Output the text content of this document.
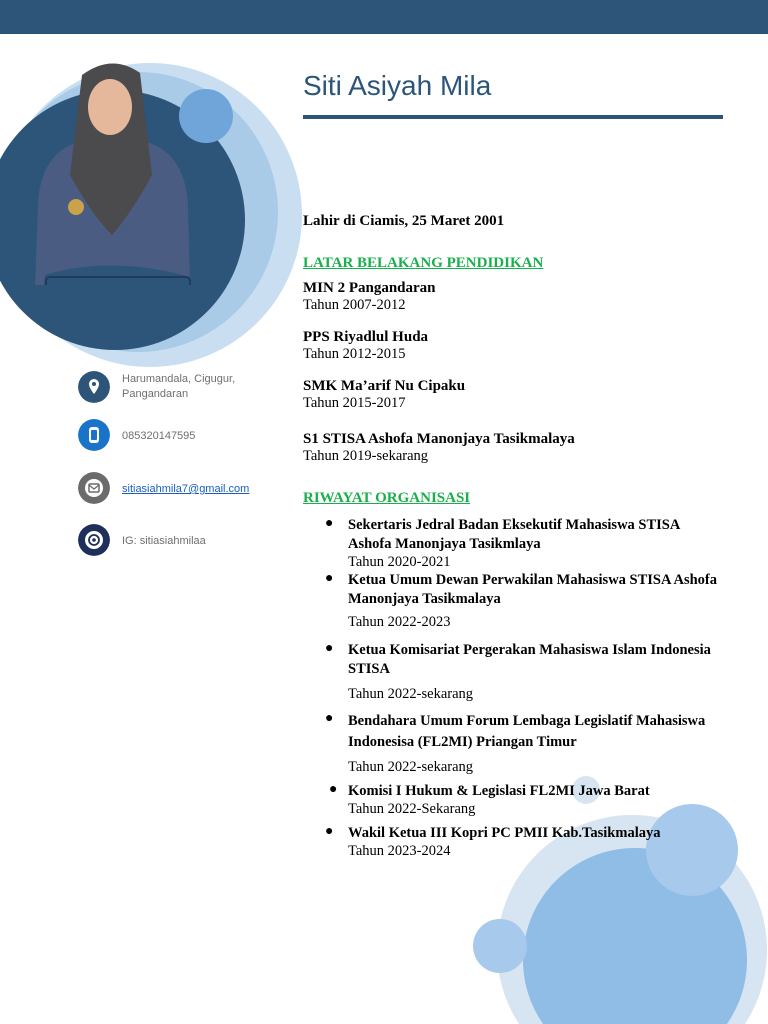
Harumandala, Cigugur, Pangandaran
085320147595
sitiasiahmila7@gmail.com
IG: sitiasiahmilaa
Siti Asiyah Mila
Lahir di Ciamis, 25 Maret 2001
LATAR BELAKANG PENDIDIKAN
MIN 2 Pangandaran
Tahun 2007-2012
PPS Riyadlul Huda
Tahun 2012-2015
SMK Ma’arif Nu Cipaku
Tahun 2015-2017
S1 STISA Ashofa Manonjaya Tasikmalaya
Tahun 2019-sekarang
RIWAYAT ORGANISASI
● Sekertaris Jedral Badan Eksekutif Mahasiswa STISA Ashofa Manonjaya Tasikmlaya
Tahun 2020-2021
● Ketua Umum Dewan Perwakilan Mahasiswa STISA Ashofa Manonjaya Tasikmalaya
Tahun 2022-2023
● Ketua Komisariat Pergerakan Mahasiswa Islam Indonesia STISA
Tahun 2022-sekarang
● Bendahara Umum Forum Lembaga Legislatif Mahasiswa Indonesisa (FL2MI) Priangan Timur
Tahun 2022-sekarang
● Komisi I Hukum & Legislasi FL2MI Jawa Barat
Tahun 2022-Sekarang
● Wakil Ketua III Kopri PC PMII Kab.Tasikmalaya
Tahun 2023-2024
